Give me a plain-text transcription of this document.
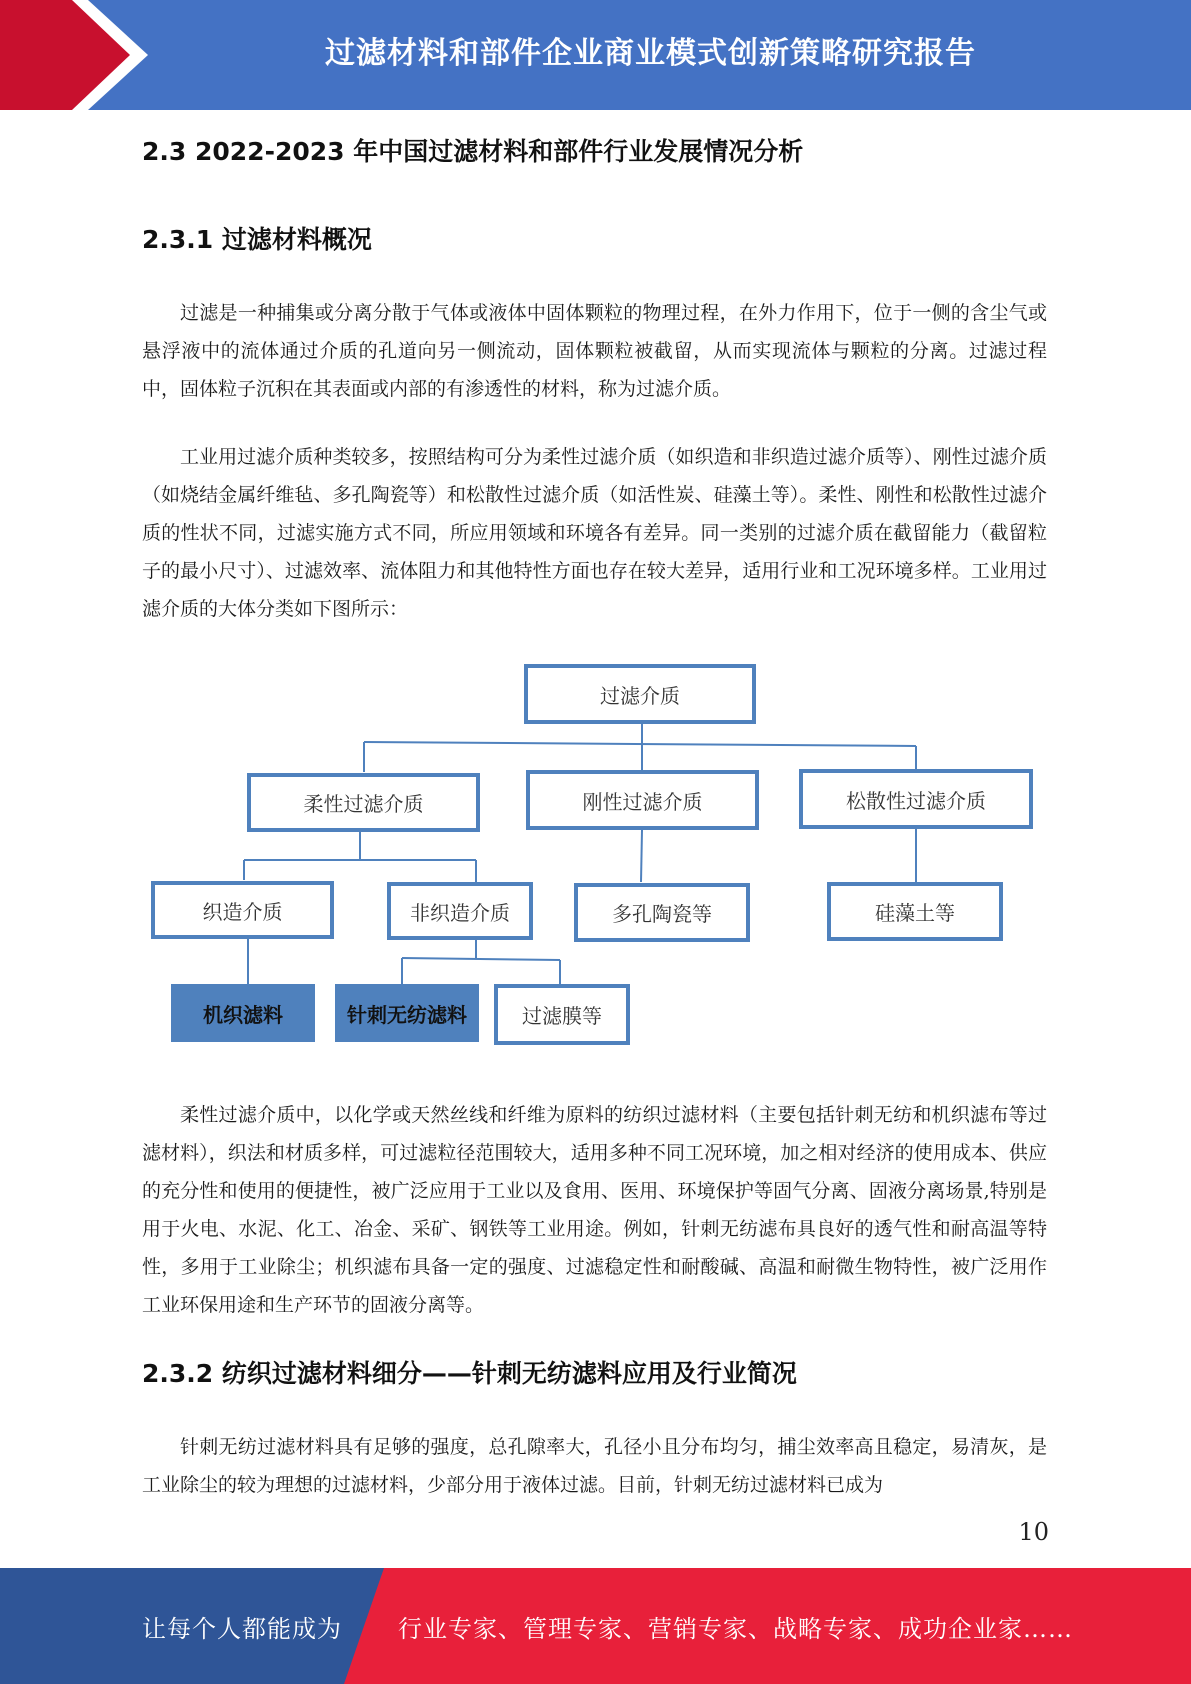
过滤材料和部件企业商业模式创新策略研究报告
2.3 2022-2023 年中国过滤材料和部件行业发展情况分析
2.3.1 过滤材料概况

过滤是一种捕集或分离分散于气体或液体中固体颗粒的物理过程，在外力作用下，位于一侧的含尘气或悬浮液中的流体通过介质的孔道向另一侧流动，固体颗粒被截留，从而实现流体与颗粒的分离。过滤过程中，固体粒子沉积在其表面或内部的有渗透性的材料，称为过滤介质。

工业用过滤介质种类较多，按照结构可分为柔性过滤介质（如织造和非织造过滤介质等）、刚性过滤介质（如烧结金属纤维毡、多孔陶瓷等）和松散性过滤介质（如活性炭、硅藻土等）。柔性、刚性和松散性过滤介质的性状不同，过滤实施方式不同，所应用领域和环境各有差异。同一类别的过滤介质在截留能力（截留粒子的最小尺寸）、过滤效率、流体阻力和其他特性方面也存在较大差异，适用行业和工况环境多样。工业用过滤介质的大体分类如下图所示：

过滤介质
柔性过滤介质	刚性过滤介质	松散性过滤介质
织造介质	非织造介质	多孔陶瓷等	硅藻土等
机织滤料	针刺无纺滤料	过滤膜等

柔性过滤介质中，以化学或天然丝线和纤维为原料的纺织过滤材料（主要包括针刺无纺和机织滤布等过滤材料），织法和材质多样，可过滤粒径范围较大，适用多种不同工况环境，加之相对经济的使用成本、供应的充分性和使用的便捷性，被广泛应用于工业以及食用、医用、环境保护等固气分离、固液分离场景,特别是用于火电、水泥、化工、冶金、采矿、钢铁等工业用途。例如，针刺无纺滤布具良好的透气性和耐高温等特性，多用于工业除尘；机织滤布具备一定的强度、过滤稳定性和耐酸碱、高温和耐微生物特性，被广泛用作工业环保用途和生产环节的固液分离等。

2.3.2 纺织过滤材料细分——针刺无纺滤料应用及行业简况

针刺无纺过滤材料具有足够的强度，总孔隙率大，孔径小且分布均匀，捕尘效率高且稳定，易清灰，是工业除尘的较为理想的过滤材料，少部分用于液体过滤。目前，针刺无纺过滤材料已成为

10
让每个人都能成为 行业专家、管理专家、营销专家、战略专家、成功企业家……
